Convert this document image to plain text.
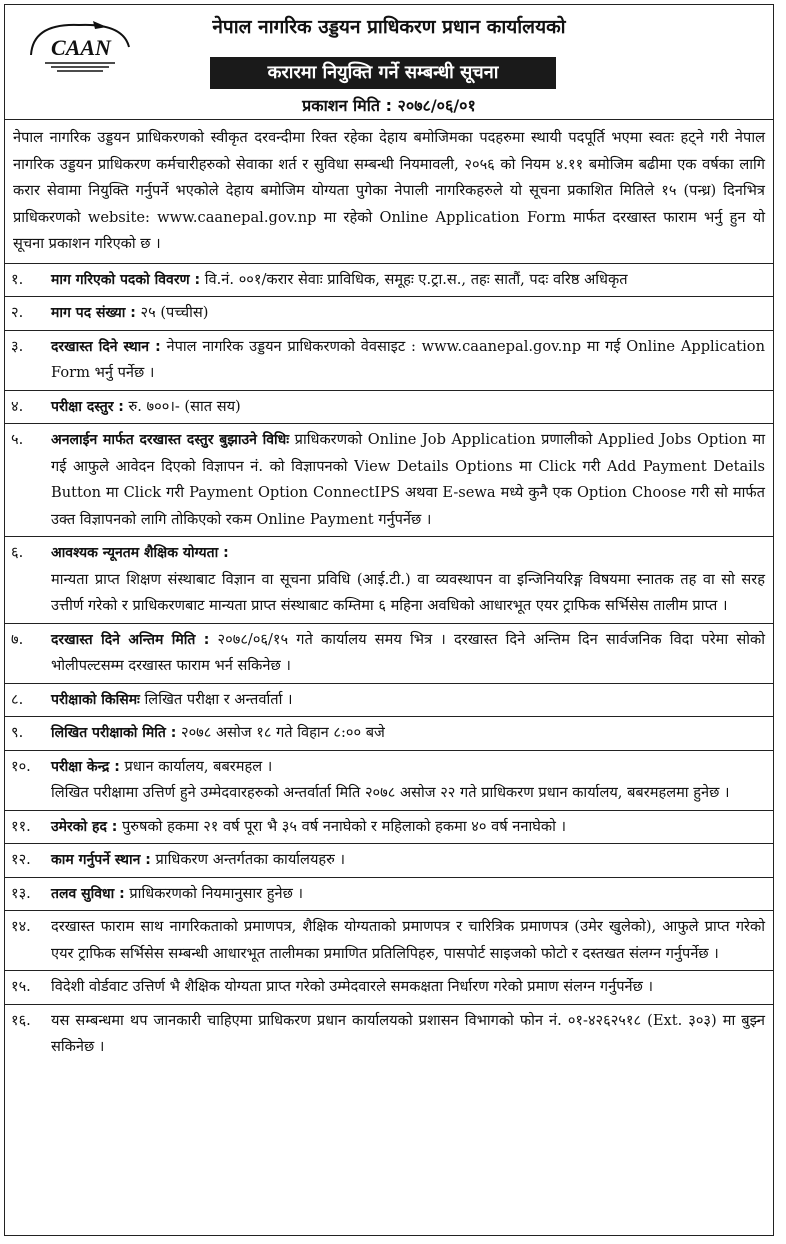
CAAN
नेपाल नागरिक उड्डयन प्राधिकरण प्रधान कार्यालयको
करारमा नियुक्ति गर्ने सम्बन्धी सूचना
प्रकाशन मिति : २०७८/०६/०१
नेपाल नागरिक उड्डयन प्राधिकरणको स्वीकृत दरवन्दीमा रिक्त रहेका देहाय बमोजिमका पदहरुमा स्थायी पदपूर्ति भएमा स्वतः हट्ने गरी नेपाल नागरिक उड्डयन प्राधिकरण कर्मचारीहरुको सेवाका शर्त र सुविधा सम्बन्धी नियमावली, २०५६ को नियम ४.११ बमोजिम बढीमा एक वर्षका लागि करार सेवामा नियुक्ति गर्नुपर्ने भएकोले देहाय बमोजिम योग्यता पुगेका नेपाली नागरिकहरुले यो सूचना प्रकाशित मितिले १५ (पन्ध्र) दिनभित्र प्राधिकरणको website: www.caanepal.gov.np मा रहेको Online Application Form मार्फत दरखास्त फाराम भर्नु हुन यो सूचना प्रकाशन गरिएको छ ।
१.	माग गरिएको पदको विवरण : वि.नं. ००१/करार सेवाः प्राविधिक, समूहः ए.ट्रा.स., तहः सातौं, पदः वरिष्ठ अधिकृत
२.	माग पद संख्या : २५ (पच्चीस)
३.	दरखास्त दिने स्थान : नेपाल नागरिक उड्डयन प्राधिकरणको वेवसाइट : www.caanepal.gov.np मा गई Online Application Form भर्नु पर्नेछ ।
४.	परीक्षा दस्तुर : रु. ७००।- (सात सय)
५.	अनलाईन मार्फत दरखास्त दस्तुर बुझाउने विधिः प्राधिकरणको Online Job Application प्रणालीको Applied Jobs Option मा गई आफुले आवेदन दिएको विज्ञापन नं. को विज्ञापनको View Details Options मा Click गरी Add Payment Details Button मा Click गरी Payment Option ConnectIPS अथवा E-sewa मध्ये कुनै एक Option Choose गरी सो मार्फत उक्त विज्ञापनको लागि तोकिएको रकम Online Payment गर्नुपर्नेछ ।
६.	आवश्यक न्यूनतम शैक्षिक योग्यता :
मान्यता प्राप्त शिक्षण संस्थाबाट विज्ञान वा सूचना प्रविधि (आई.टी.) वा व्यवस्थापन वा इन्जिनियरिङ्ग विषयमा स्नातक तह वा सो सरह उत्तीर्ण गरेको र प्राधिकरणबाट मान्यता प्राप्त संस्थाबाट कम्तिमा ६ महिना अवधिको आधारभूत एयर ट्राफिक सर्भिसेस तालीम प्राप्त ।
७.	दरखास्त दिने अन्तिम मिति : २०७८/०६/१५ गते कार्यालय समय भित्र । दरखास्त दिने अन्तिम दिन सार्वजनिक विदा परेमा सोको भोलीपल्टसम्म दरखास्त फाराम भर्न सकिनेछ ।
८.	परीक्षाको किसिमः लिखित परीक्षा र अन्तर्वार्ता ।
९.	लिखित परीक्षाको मिति : २०७८ असोज १८ गते विहान ८:०० बजे
१०.	परीक्षा केन्द्र : प्रधान कार्यालय, बबरमहल ।
लिखित परीक्षामा उत्तिर्ण हुने उम्मेदवारहरुको अन्तर्वार्ता मिति २०७८ असोज २२ गते प्राधिकरण प्रधान कार्यालय, बबरमहलमा हुनेछ ।
११.	उमेरको हद : पुरुषको हकमा २१ वर्ष पूरा भै ३५ वर्ष ननाघेको र महिलाको हकमा ४० वर्ष ननाघेको ।
१२.	काम गर्नुपर्ने स्थान : प्राधिकरण अन्तर्गतका कार्यालयहरु ।
१३.	तलव सुविधा : प्राधिकरणको नियमानुसार हुनेछ ।
१४.	दरखास्त फाराम साथ नागरिकताको प्रमाणपत्र, शैक्षिक योग्यताको प्रमाणपत्र र चारित्रिक प्रमाणपत्र (उमेर खुलेको), आफुले प्राप्त गरेको एयर ट्राफिक सर्भिसेस सम्बन्धी आधारभूत तालीमका प्रमाणित प्रतिलिपिहरु, पासपोर्ट साइजको फोटो र दस्तखत संलग्न गर्नुपर्नेछ ।
१५.	विदेशी वोर्डवाट उत्तिर्ण भै शैक्षिक योग्यता प्राप्त गरेको उम्मेदवारले समकक्षता निर्धारण गरेको प्रमाण संलग्न गर्नुपर्नेछ ।
१६.	यस सम्बन्धमा थप जानकारी चाहिएमा प्राधिकरण प्रधान कार्यालयको प्रशासन विभागको फोन नं. ०१-४२६२५१८ (Ext. ३०३) मा बुझ्न सकिनेछ ।
